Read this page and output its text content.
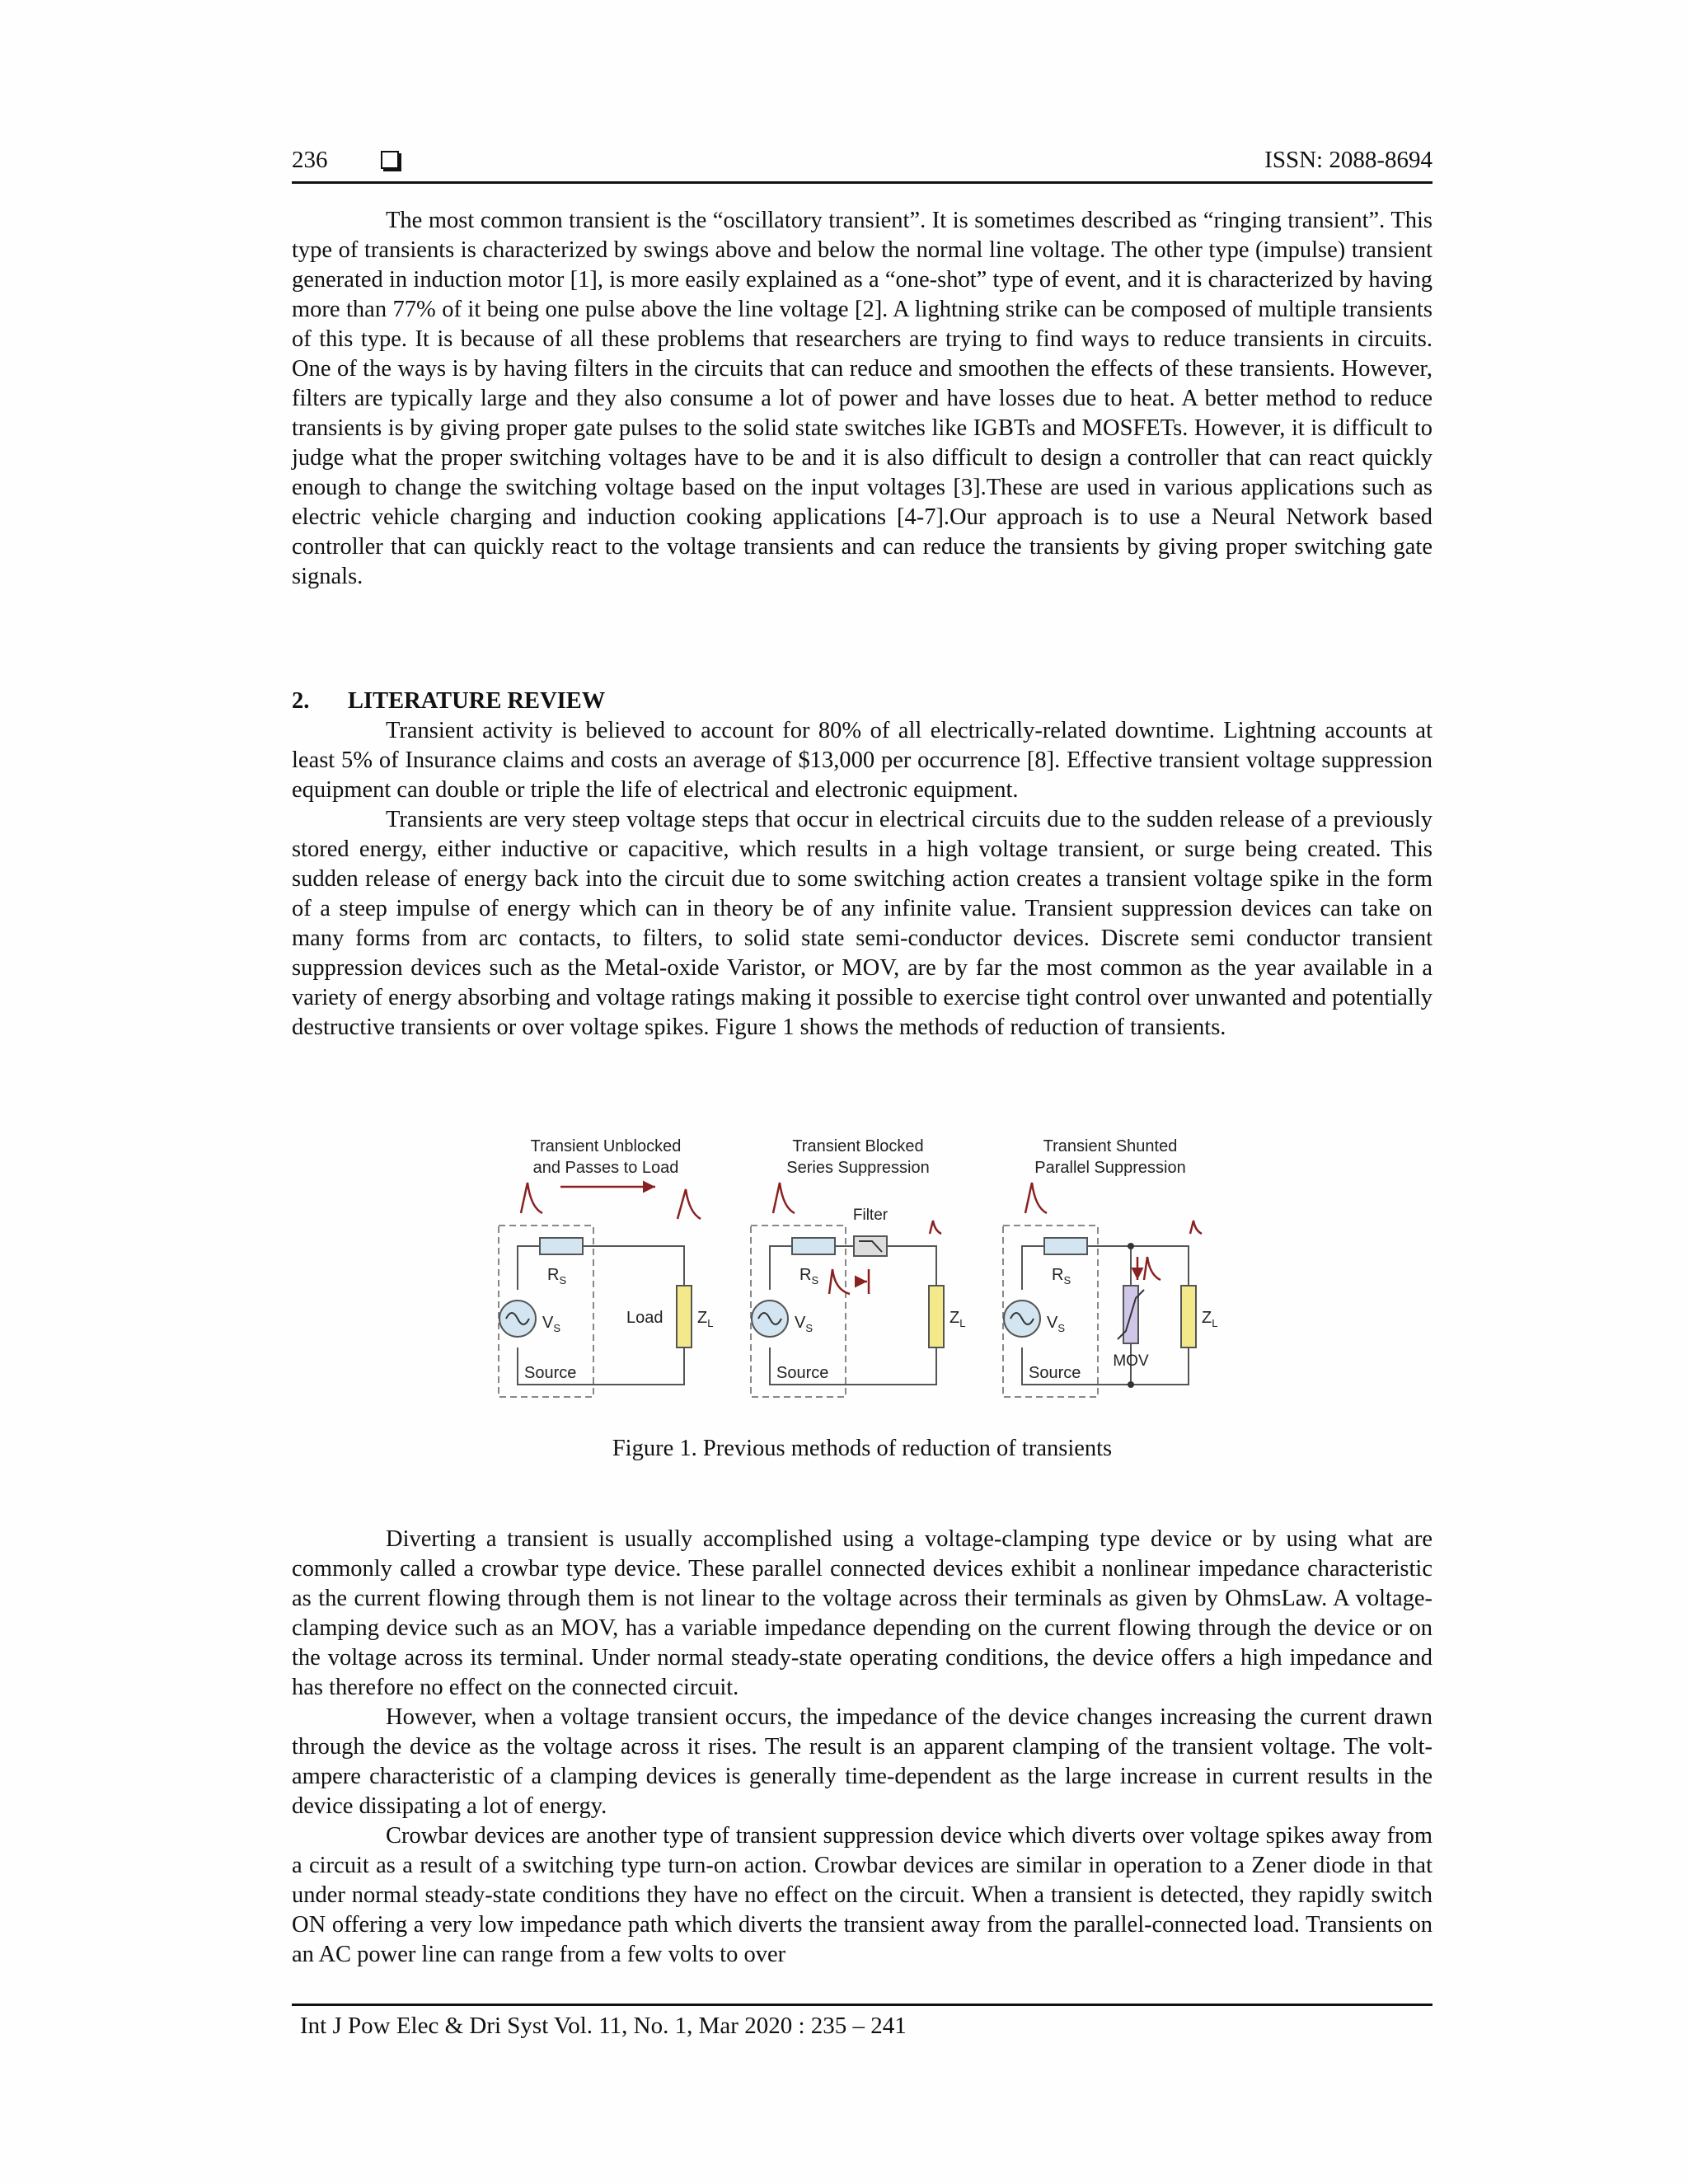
236	ISSN: 2088-8694

The most common transient is the “oscillatory transient”. It is sometimes described as “ringing transient”. This type of transients is characterized by swings above and below the normal line voltage. The other type (impulse) transient generated in induction motor [1], is more easily explained as a “one-shot” type of event, and it is characterized by having more than 77% of it being one pulse above the line voltage [2]. A lightning strike can be composed of multiple transients of this type. It is because of all these problems that researchers are trying to find ways to reduce transients in circuits. One of the ways is by having filters in the circuits that can reduce and smoothen the effects of these transients. However, filters are typically large and they also consume a lot of power and have losses due to heat. A better method to reduce transients is by giving proper gate pulses to the solid state switches like IGBTs and MOSFETs. However, it is difficult to judge what the proper switching voltages have to be and it is also difficult to design a controller that can react quickly enough to change the switching voltage based on the input voltages [3].These are used in various applications such as electric vehicle charging and induction cooking applications [4-7].Our approach is to use a Neural Network based controller that can quickly react to the voltage transients and can reduce the transients by giving proper switching gate signals.

2. LITERATURE REVIEW

Transient activity is believed to account for 80% of all electrically-related downtime. Lightning accounts at least 5% of Insurance claims and costs an average of $13,000 per occurrence [8]. Effective transient voltage suppression equipment can double or triple the life of electrical and electronic equipment.

Transients are very steep voltage steps that occur in electrical circuits due to the sudden release of a previously stored energy, either inductive or capacitive, which results in a high voltage transient, or surge being created. This sudden release of energy back into the circuit due to some switching action creates a transient voltage spike in the form of a steep impulse of energy which can in theory be of any infinite value. Transient suppression devices can take on many forms from arc contacts, to filters, to solid state semi-conductor devices. Discrete semi conductor transient suppression devices such as the Metal-oxide Varistor, or MOV, are by far the most common as the year available in a variety of energy absorbing and voltage ratings making it possible to exercise tight control over unwanted and potentially destructive transients or over voltage spikes. Figure 1 shows the methods of reduction of transients.

Transient Unblocked
and Passes to Load
$R_S$
$V_S$
Load $Z_L$
Source
Transient Blocked
Series Suppression
Filter
$R_S$
$V_S$
$Z_L$
Source
Transient Shunted
Parallel Suppression
MOV
$R_S$
$V_S$
$Z_L$
Source

Figure 1. Previous methods of reduction of transients

Diverting a transient is usually accomplished using a voltage-clamping type device or by using what are commonly called a crowbar type device. These parallel connected devices exhibit a nonlinear impedance characteristic as the current flowing through them is not linear to the voltage across their terminals as given by OhmsLaw. A voltage-clamping device such as an MOV, has a variable impedance depending on the current flowing through the device or on the voltage across its terminal. Under normal steady-state operating conditions, the device offers a high impedance and has therefore no effect on the connected circuit.

However, when a voltage transient occurs, the impedance of the device changes increasing the current drawn through the device as the voltage across it rises. The result is an apparent clamping of the transient voltage. The volt-ampere characteristic of a clamping devices is generally time-dependent as the large increase in current results in the device dissipating a lot of energy.

Crowbar devices are another type of transient suppression device which diverts over voltage spikes away from a circuit as a result of a switching type turn-on action. Crowbar devices are similar in operation to a Zener diode in that under normal steady-state conditions they have no effect on the circuit. When a transient is detected, they rapidly switch ON offering a very low impedance path which diverts the transient away from the parallel-connected load. Transients on an AC power line can range from a few volts to over

Int J Pow Elec & Dri Syst Vol. 11, No. 1, Mar 2020 : 235 – 241
